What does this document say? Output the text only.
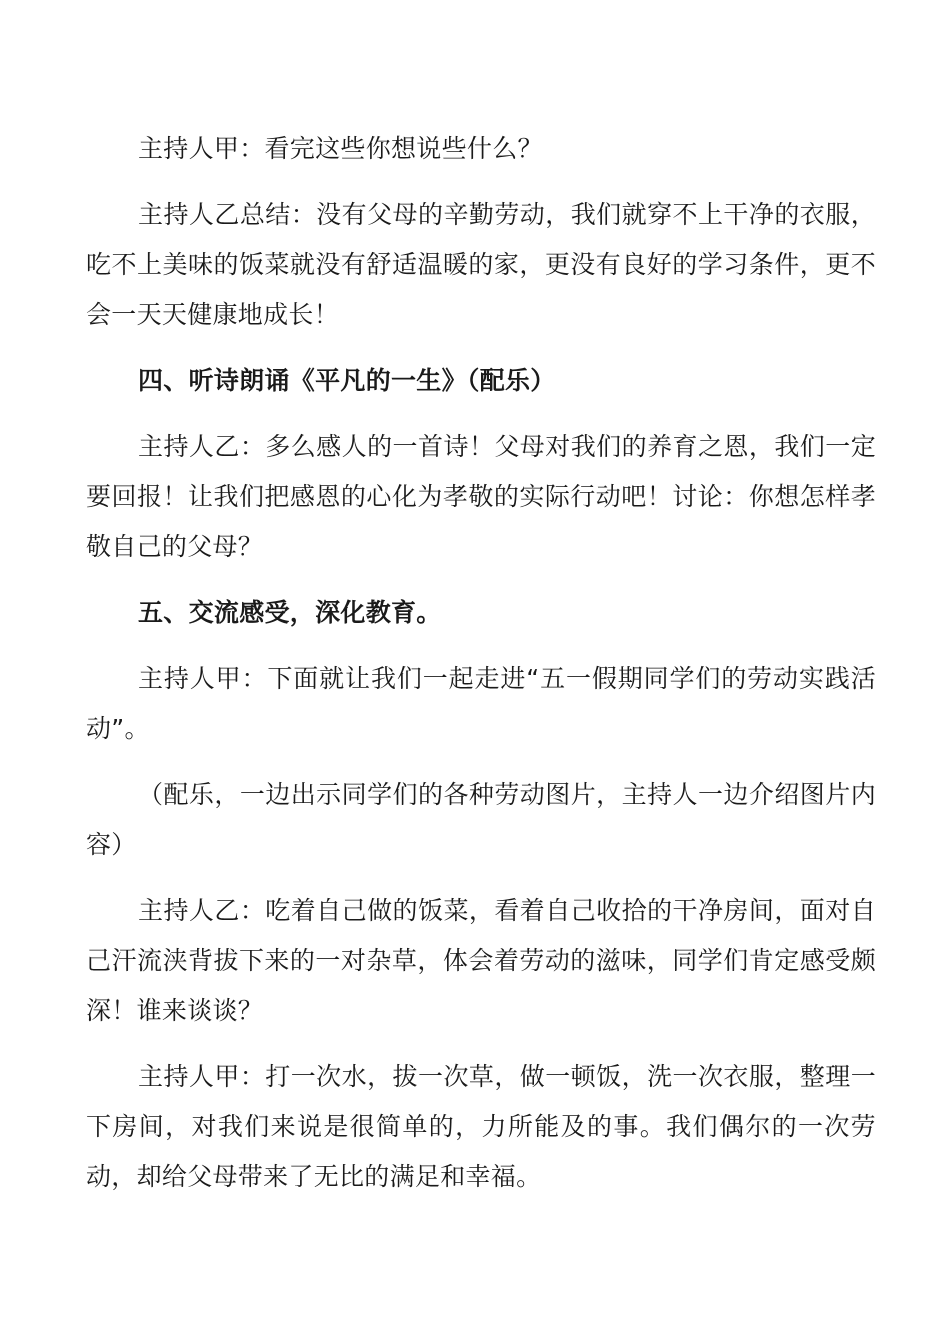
主持人甲：看完这些你想说些什么？

主持人乙总结：没有父母的辛勤劳动，我们就穿不上干净的衣服，吃不上美味的饭菜就没有舒适温暖的家，更没有良好的学习条件，更不会一天天健康地成长！

四、听诗朗诵《平凡的一生》（配乐）

主持人乙：多么感人的一首诗！父母对我们的养育之恩，我们一定要回报！让我们把感恩的心化为孝敬的实际行动吧！讨论：你想怎样孝敬自己的父母？

五、交流感受，深化教育。

主持人甲：下面就让我们一起走进“五一假期同学们的劳动实践活动”。

（配乐，一边出示同学们的各种劳动图片，主持人一边介绍图片内容）

主持人乙：吃着自己做的饭菜，看着自己收拾的干净房间，面对自己汗流浃背拔下来的一对杂草，体会着劳动的滋味，同学们肯定感受颇深！谁来谈谈？

主持人甲：打一次水，拔一次草，做一顿饭，洗一次衣服，整理一下房间，对我们来说是很简单的，力所能及的事。我们偶尔的一次劳动，却给父母带来了无比的满足和幸福。
